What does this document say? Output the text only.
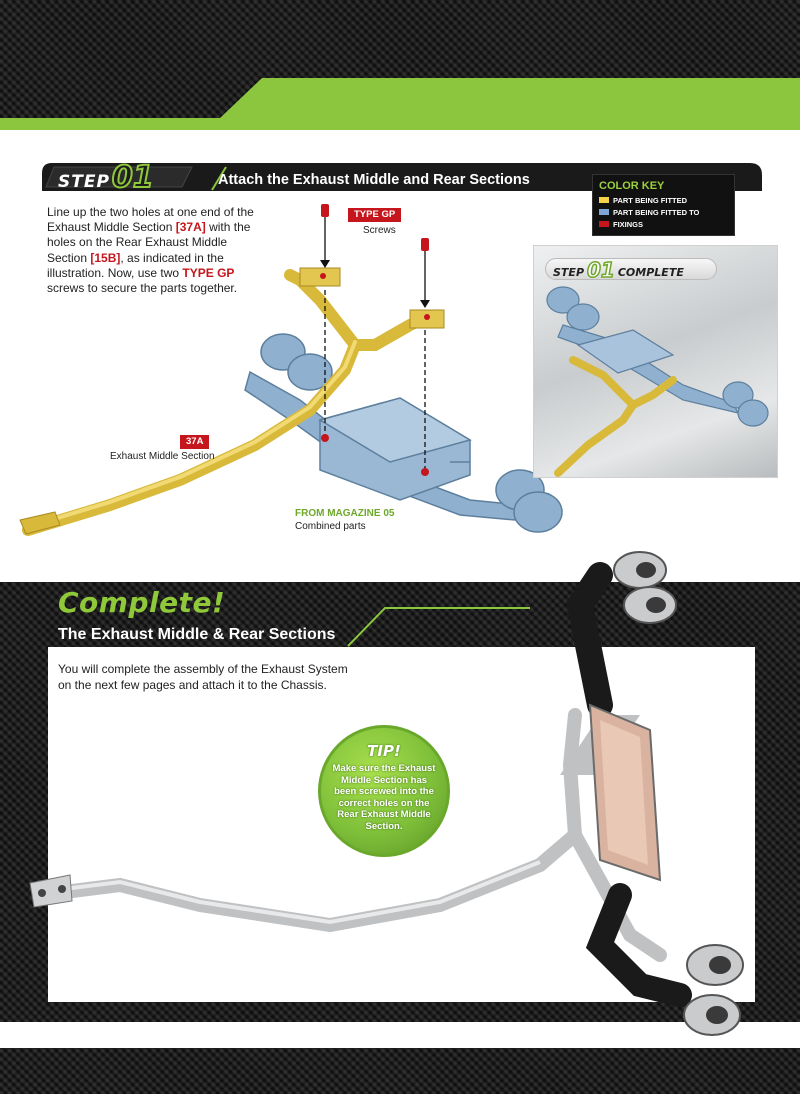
STEP 01	Attach the Exhaust Middle and Rear Sections
Line up the two holes at one end of the Exhaust Middle Section [37A] with the holes on the Rear Exhaust Middle Section [15B], as indicated in the illustration. Now, use two TYPE GP screws to secure the parts together.
COLOR KEY
PART BEING FITTED
PART BEING FITTED TO
FIXINGS
TYPE GP
Screws
37A
Exhaust Middle Section
FROM MAGAZINE 05
Combined parts
STEP 01 COMPLETE
Complete!
The Exhaust Middle & Rear Sections
You will complete the assembly of the Exhaust System on the next few pages and attach it to the Chassis.
TIP!
Make sure the Exhaust Middle Section has been screwed into the correct holes on the Rear Exhaust Middle Section.
